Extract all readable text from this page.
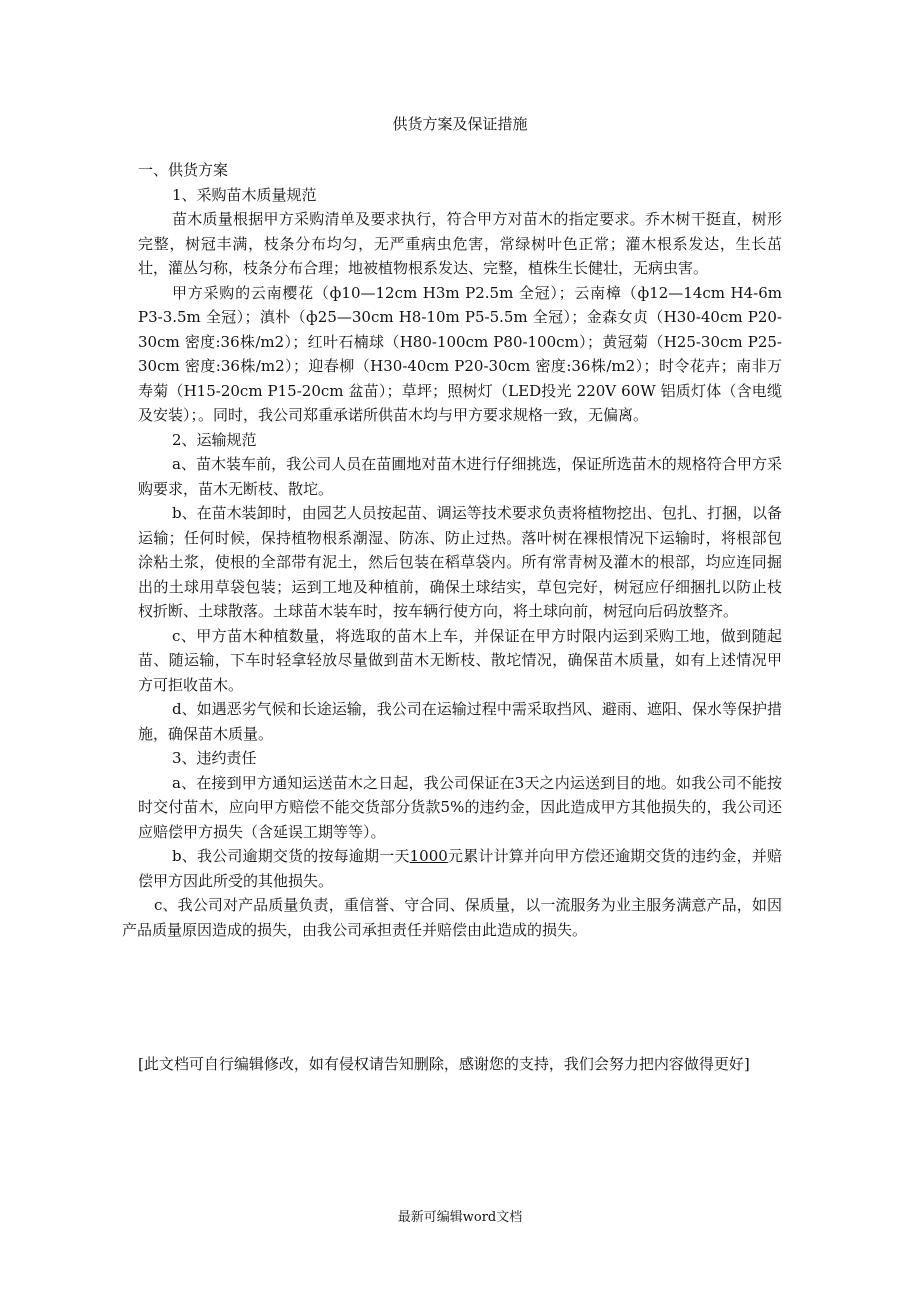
供货方案及保证措施

一、供货方案

1、采购苗木质量规范

苗木质量根据甲方采购清单及要求执行，符合甲方对苗木的指定要求。乔木树干挺直，树形完整，树冠丰满，枝条分布均匀，无严重病虫危害，常绿树叶色正常；灌木根系发达，生长茁壮，灌丛匀称，枝条分布合理；地被植物根系发达、完整，植株生长健壮，无病虫害。

甲方采购的云南樱花（ф10—12cm H3m P2.5m 全冠）；云南樟（ф12—14cm H4-6m P3-3.5m 全冠）；滇朴（ф25—30cm H8-10m P5-5.5m 全冠）；金森女贞（H30-40cm P20-30cm 密度:36株/m2）；红叶石楠球（H80-100cm P80-100cm）；黄冠菊（H25-30cm P25-30cm 密度:36株/m2）；迎春柳（H30-40cm P20-30cm 密度:36株/m2）；时令花卉；南非万寿菊（H15-20cm P15-20cm 盆苗）；草坪；照树灯（LED投光 220V 60W 铝质灯体（含电缆及安装）；。同时，我公司郑重承诺所供苗木均与甲方要求规格一致，无偏离。

2、运输规范

a、苗木装车前，我公司人员在苗圃地对苗木进行仔细挑选，保证所选苗木的规格符合甲方采购要求，苗木无断枝、散坨。

b、在苗木装卸时，由园艺人员按起苗、调运等技术要求负责将植物挖出、包扎、打捆，以备运输；任何时候，保持植物根系潮湿、防冻、防止过热。落叶树在裸根情况下运输时，将根部包涂粘土浆，使根的全部带有泥土，然后包装在稻草袋内。所有常青树及灌木的根部，均应连同掘出的土球用草袋包装；运到工地及种植前，确保土球结实，草包完好，树冠应仔细捆扎以防止枝杈折断、土球散落。土球苗木装车时，按车辆行使方向，将土球向前，树冠向后码放整齐。

c、甲方苗木种植数量，将选取的苗木上车，并保证在甲方时限内运到采购工地，做到随起苗、随运输，下车时轻拿轻放尽量做到苗木无断枝、散坨情况，确保苗木质量，如有上述情况甲方可拒收苗木。

d、如遇恶劣气候和长途运输，我公司在运输过程中需采取挡风、避雨、遮阳、保水等保护措施，确保苗木质量。

3、违约责任

a、在接到甲方通知运送苗木之日起，我公司保证在3天之内运送到目的地。如我公司不能按时交付苗木，应向甲方赔偿不能交货部分货款5%的违约金，因此造成甲方其他损失的，我公司还应赔偿甲方损失（含延误工期等等）。

b、我公司逾期交货的按每逾期一天1000元累计计算并向甲方偿还逾期交货的违约金，并赔偿甲方因此所受的其他损失。

c、我公司对产品质量负责，重信誉、守合同、保质量，以一流服务为业主服务满意产品，如因产品质量原因造成的损失，由我公司承担责任并赔偿由此造成的损失。

[此文档可自行编辑修改，如有侵权请告知删除，感谢您的支持，我们会努力把内容做得更好]
最新可编辑word文档
